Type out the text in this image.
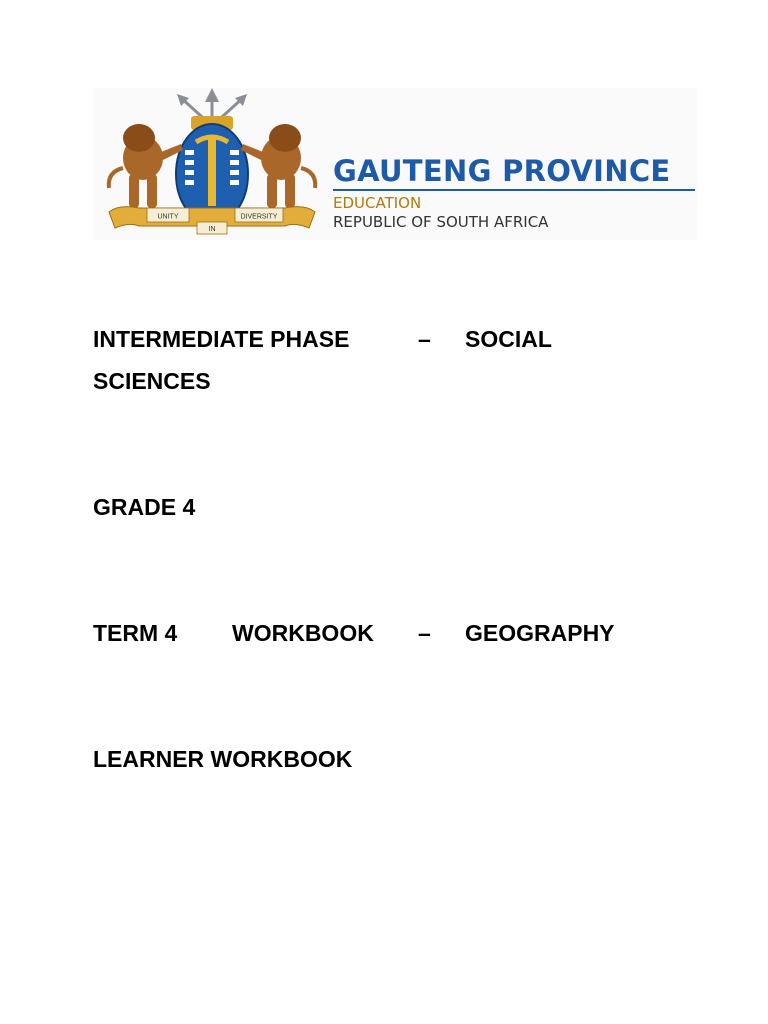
UNITY
IN
DIVERSITY
GAUTENG PROVINCE
EDUCATION
REPUBLIC OF SOUTH AFRICA
INTERMEDIATE PHASE	– SOCIAL
SCIENCES
GRADE 4
TERM 4 WORKBOOK – GEOGRAPHY
LEARNER WORKBOOK
